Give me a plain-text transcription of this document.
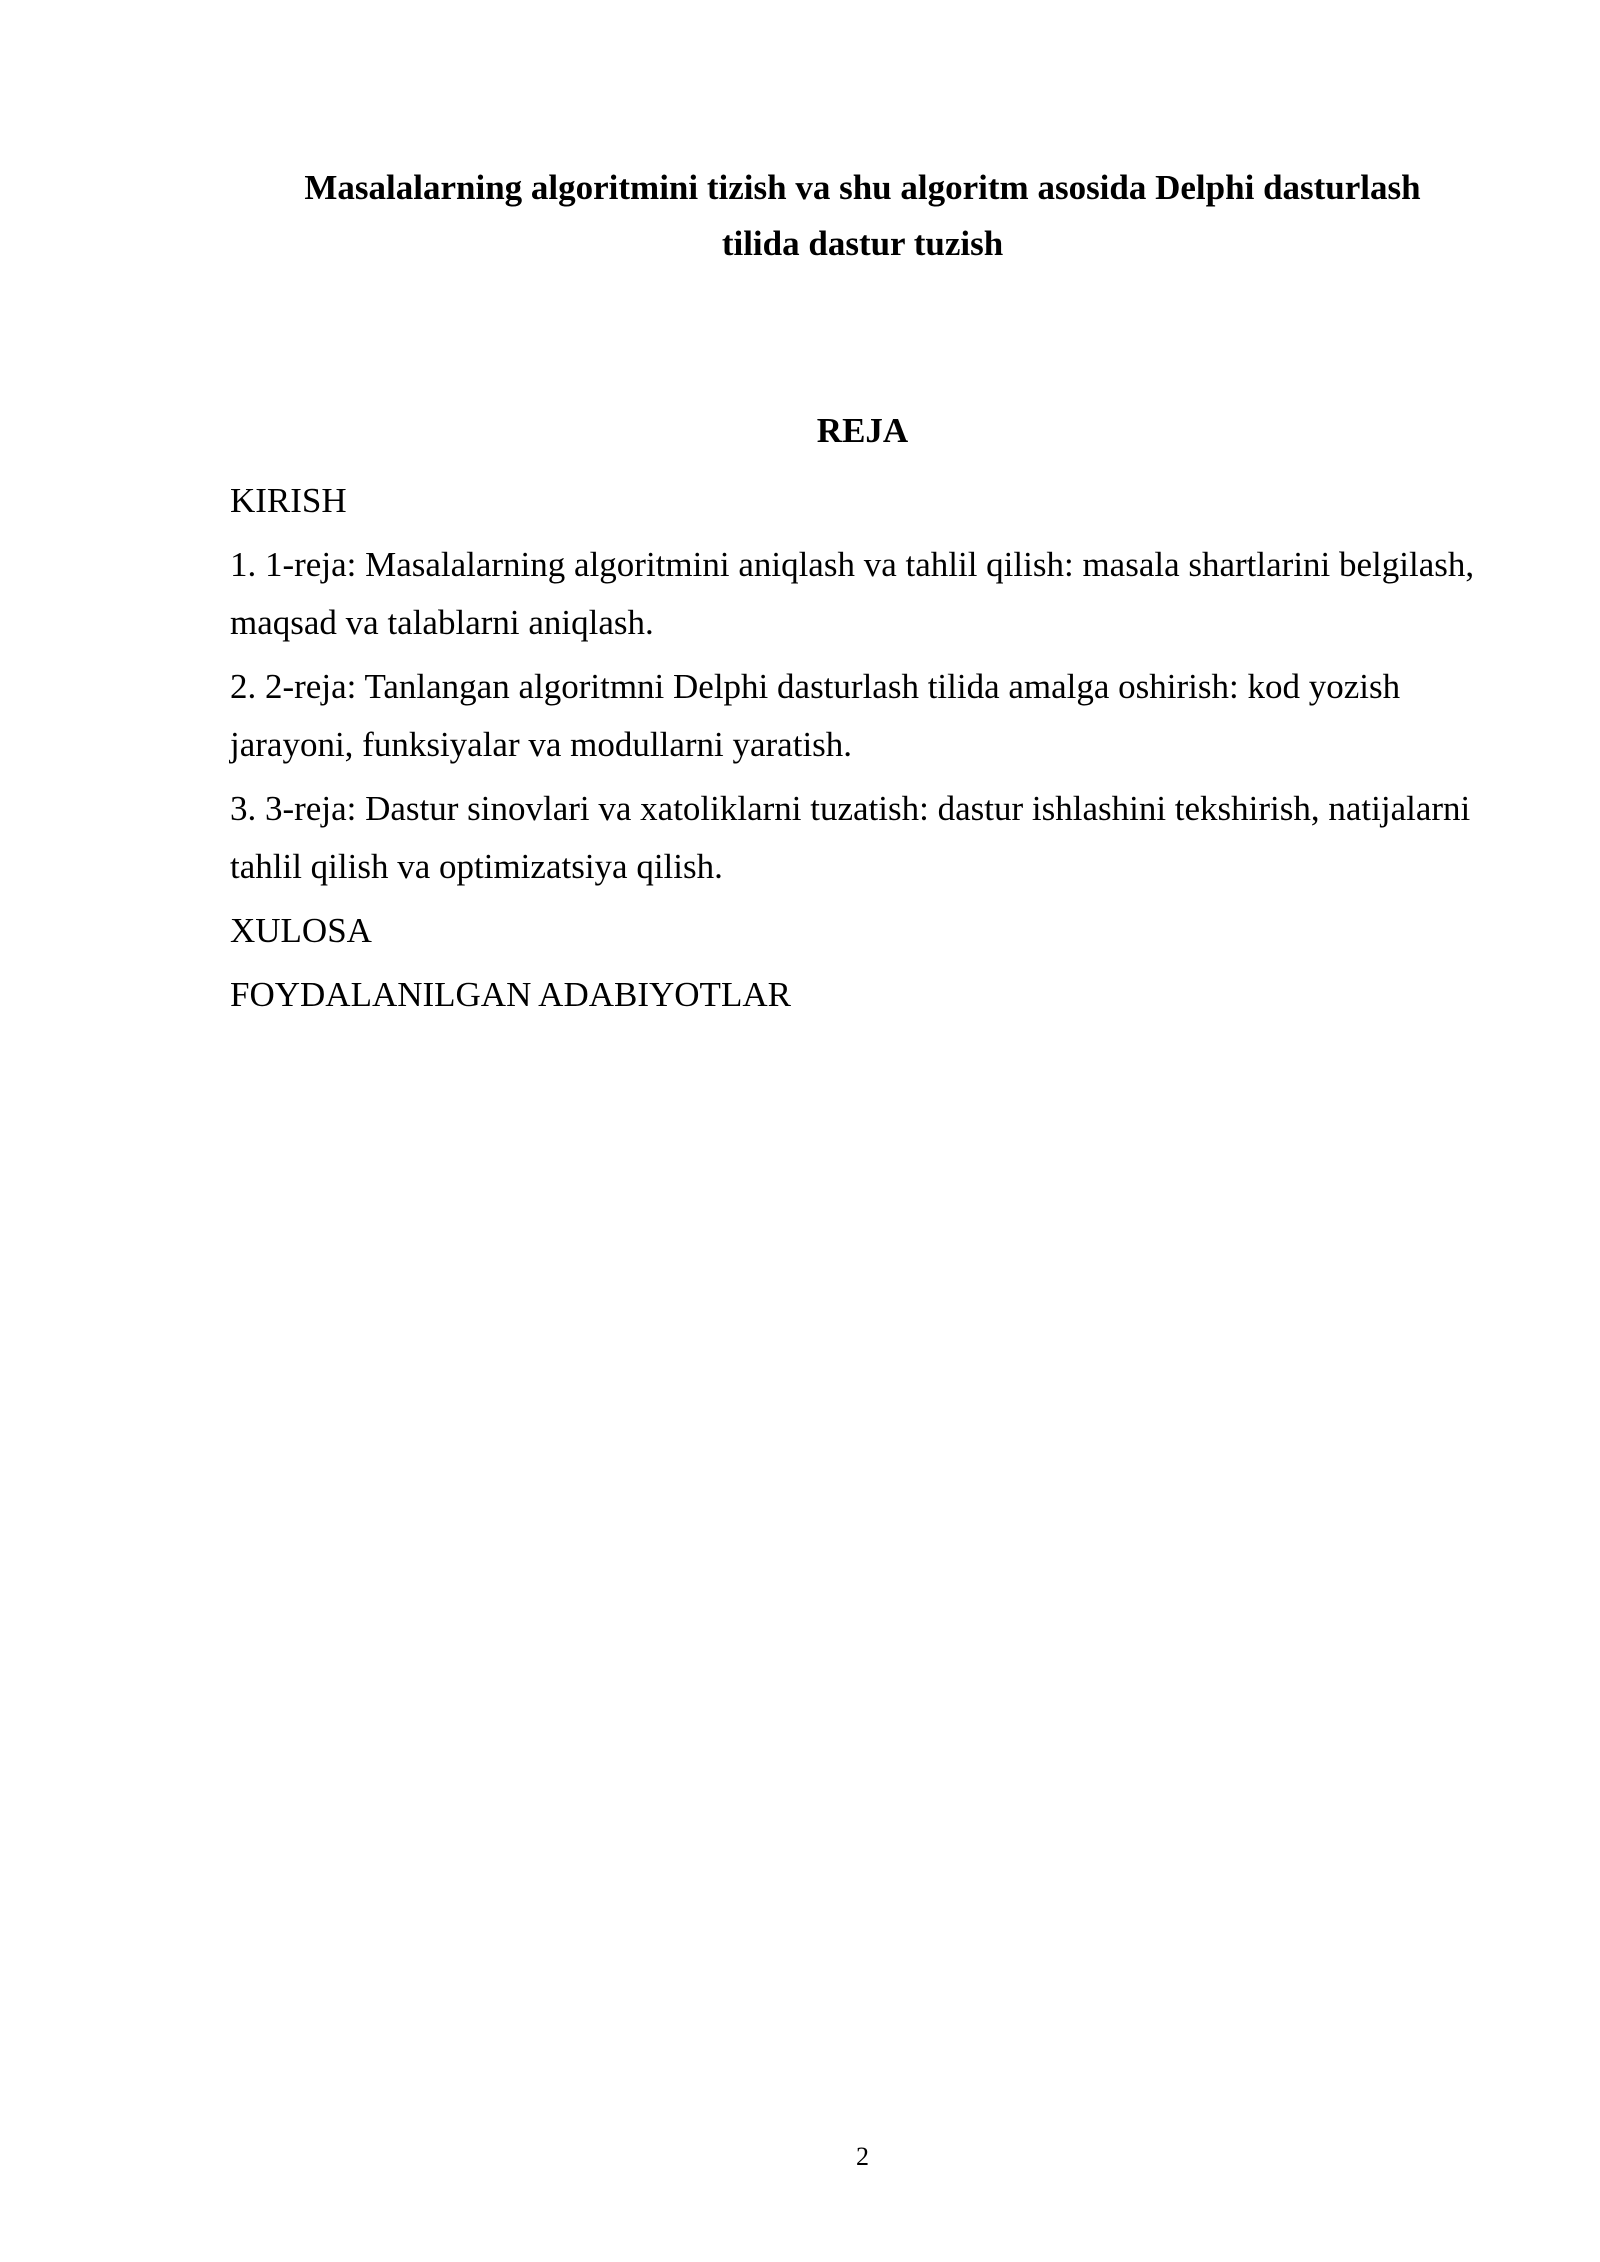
Masalalarning algoritmini tizish va shu algoritm asosida Delphi dasturlash
tilida dastur tuzish
REJA
KIRISH
1. 1-reja: Masalalarning algoritmini aniqlash va tahlil qilish: masala shartlarini belgilash, maqsad va talablarni aniqlash.
2. 2-reja: Tanlangan algoritmni Delphi dasturlash tilida amalga oshirish: kod yozish jarayoni, funksiyalar va modullarni yaratish.
3. 3-reja: Dastur sinovlari va xatoliklarni tuzatish: dastur ishlashini tekshirish, natijalarni tahlil qilish va optimizatsiya qilish.
XULOSA
FOYDALANILGAN ADABIYOTLAR
2
